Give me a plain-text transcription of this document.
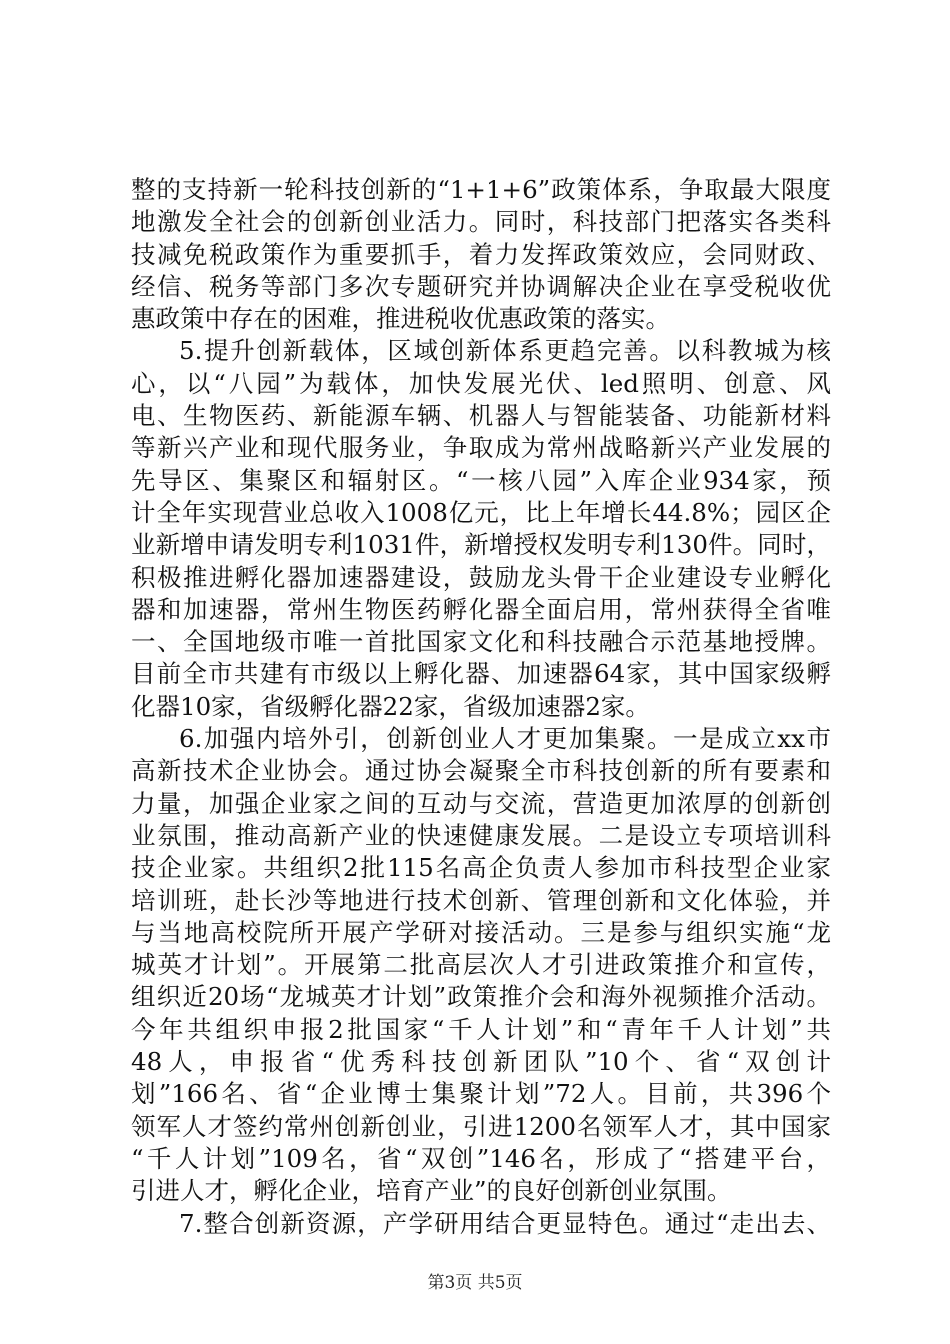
整的支持新一轮科技创新的“1+1+6”政策体系，争取最大限度
地激发全社会的创新创业活力。同时，科技部门把落实各类科
技减免税政策作为重要抓手，着力发挥政策效应，会同财政、
经信、税务等部门多次专题研究并协调解决企业在享受税收优
惠政策中存在的困难，推进税收优惠政策的落实。
5.提升创新载体，区域创新体系更趋完善。以科教城为核
心，以“八园”为载体，加快发展光伏、led照明、创意、风
电、生物医药、新能源车辆、机器人与智能装备、功能新材料
等新兴产业和现代服务业，争取成为常州战略新兴产业发展的
先导区、集聚区和辐射区。“一核八园”入库企业934家，预
计全年实现营业总收入1008亿元，比上年增长44.8%；园区企
业新增申请发明专利1031件，新增授权发明专利130件。同时，
积极推进孵化器加速器建设，鼓励龙头骨干企业建设专业孵化
器和加速器，常州生物医药孵化器全面启用，常州获得全省唯
一、全国地级市唯一首批国家文化和科技融合示范基地授牌。
目前全市共建有市级以上孵化器、加速器64家，其中国家级孵
化器10家，省级孵化器22家，省级加速器2家。
6.加强内培外引，创新创业人才更加集聚。一是成立xx市
高新技术企业协会。通过协会凝聚全市科技创新的所有要素和
力量，加强企业家之间的互动与交流，营造更加浓厚的创新创
业氛围，推动高新产业的快速健康发展。二是设立专项培训科
技企业家。共组织2批115名高企负责人参加市科技型企业家
培训班，赴长沙等地进行技术创新、管理创新和文化体验，并
与当地高校院所开展产学研对接活动。三是参与组织实施“龙
城英才计划”。开展第二批高层次人才引进政策推介和宣传，
组织近20场“龙城英才计划”政策推介会和海外视频推介活动。
今年共组织申报2批国家“千人计划”和“青年千人计划”共
48人，申报省“优秀科技创新团队”10个、省“双创计
划”166名、省“企业博士集聚计划”72人。目前，共396个
领军人才签约常州创新创业，引进1200名领军人才，其中国家
“千人计划”109名，省“双创”146名，形成了“搭建平台，
引进人才，孵化企业，培育产业”的良好创新创业氛围。
7.整合创新资源，产学研用结合更显特色。通过“走出去、
第3页 共5页
